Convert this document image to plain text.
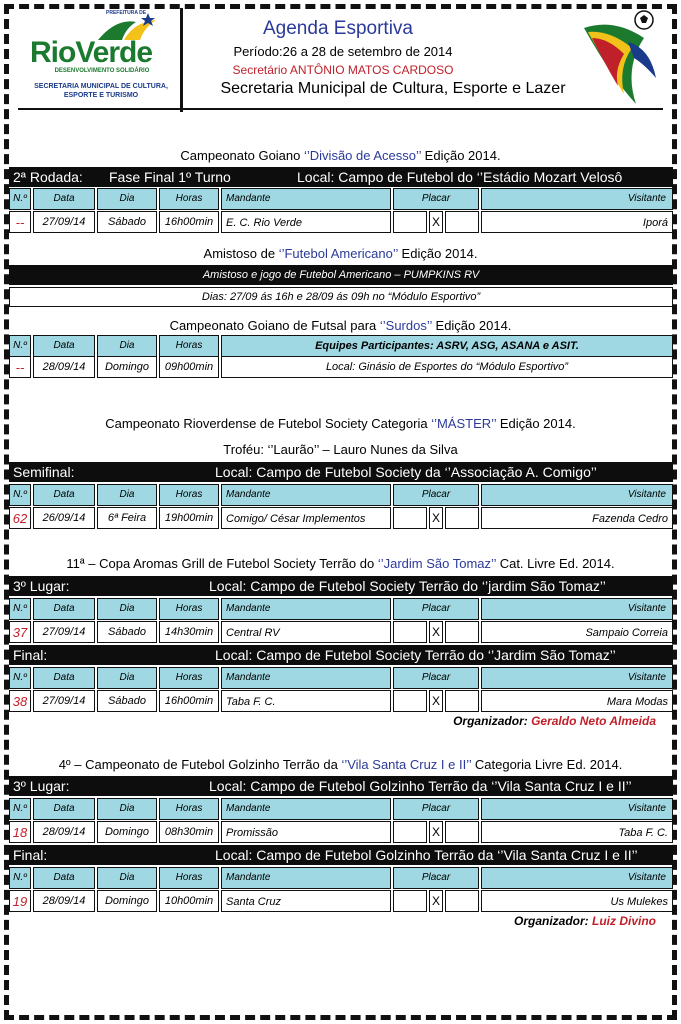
PREFEITURA DE
RioVerde
DESENVOLVIMENTO SOLIDÁRIO
SECRETARIA MUNICIPAL DE CULTURA, ESPORTE E TURISMO
Agenda Esportiva
Período:26 a 28 de setembro de 2014
Secretário ANTÔNIO MATOS CARDOSO
Secretaria Municipal de Cultura, Esporte e Lazer
Campeonato Goiano ‘’Divisão de Acesso’’ Edição 2014.
2ª Rodada: Fase Final 1º Turno	Local: Campo de Futebol do ‘’Estádio Mozart Velosô
N.º	Data	Dia	Horas	Mandante	Placar	Visitante
--	27/09/14	Sábado	16h00min	E. C. Rio Verde	X	Iporá
Amistoso de ‘’Futebol Americano’’ Edição 2014.
Amistoso e jogo de Futebol Americano – PUMPKINS RV
Dias: 27/09 ás 16h e 28/09 ás 09h no “Módulo Esportivo”
Campeonato Goiano de Futsal para ‘’Surdos’’ Edição 2014.
N.º	Data	Dia	Horas	Equipes Participantes: ASRV, ASG, ASANA e ASIT.
--	28/09/14	Domingo	09h00min	Local: Ginásio de Esportes do “Módulo Esportivo”
Campeonato Rioverdense de Futebol Society Categoria ‘’MÁSTER’’ Edição 2014.
Troféu: ‘’Laurão’’ – Lauro Nunes da Silva
Semifinal:	Local: Campo de Futebol Society da ‘’Associação A. Comigo’’
N.º	Data	Dia	Horas	Mandante	Placar	Visitante
62	26/09/14	6ª Feira	19h00min	Comigo/ César Implementos	X	Fazenda Cedro
11ª – Copa Aromas Grill de Futebol Society Terrão do ‘’Jardim São Tomaz’’ Cat. Livre Ed. 2014.
3º Lugar:	Local: Campo de Futebol Society Terrão do ‘’jardim São Tomaz’’
N.º	Data	Dia	Horas	Mandante	Placar	Visitante
37	27/09/14	Sábado	14h30min	Central RV	X	Sampaio Correia
Final:	Local: Campo de Futebol Society Terrão do ‘’Jardim São Tomaz’’
N.º	Data	Dia	Horas	Mandante	Placar	Visitante
38	27/09/14	Sábado	16h00min	Taba F. C.	X	Mara Modas
Organizador: Geraldo Neto Almeida
4º – Campeonato de Futebol Golzinho Terrão da ‘’Vila Santa Cruz I e II’’ Categoria Livre Ed. 2014.
3º Lugar:	Local: Campo de Futebol Golzinho Terrão da ‘’Vila Santa Cruz I e II’’
N.º	Data	Dia	Horas	Mandante	Placar	Visitante
18	28/09/14	Domingo	08h30min	Promissão	X	Taba F. C.
Final:	Local: Campo de Futebol Golzinho Terrão da ‘’Vila Santa Cruz I e II’’
N.º	Data	Dia	Horas	Mandante	Placar	Visitante
19	28/09/14	Domingo	10h00min	Santa Cruz	X	Us Mulekes
Organizador: Luiz Divino
